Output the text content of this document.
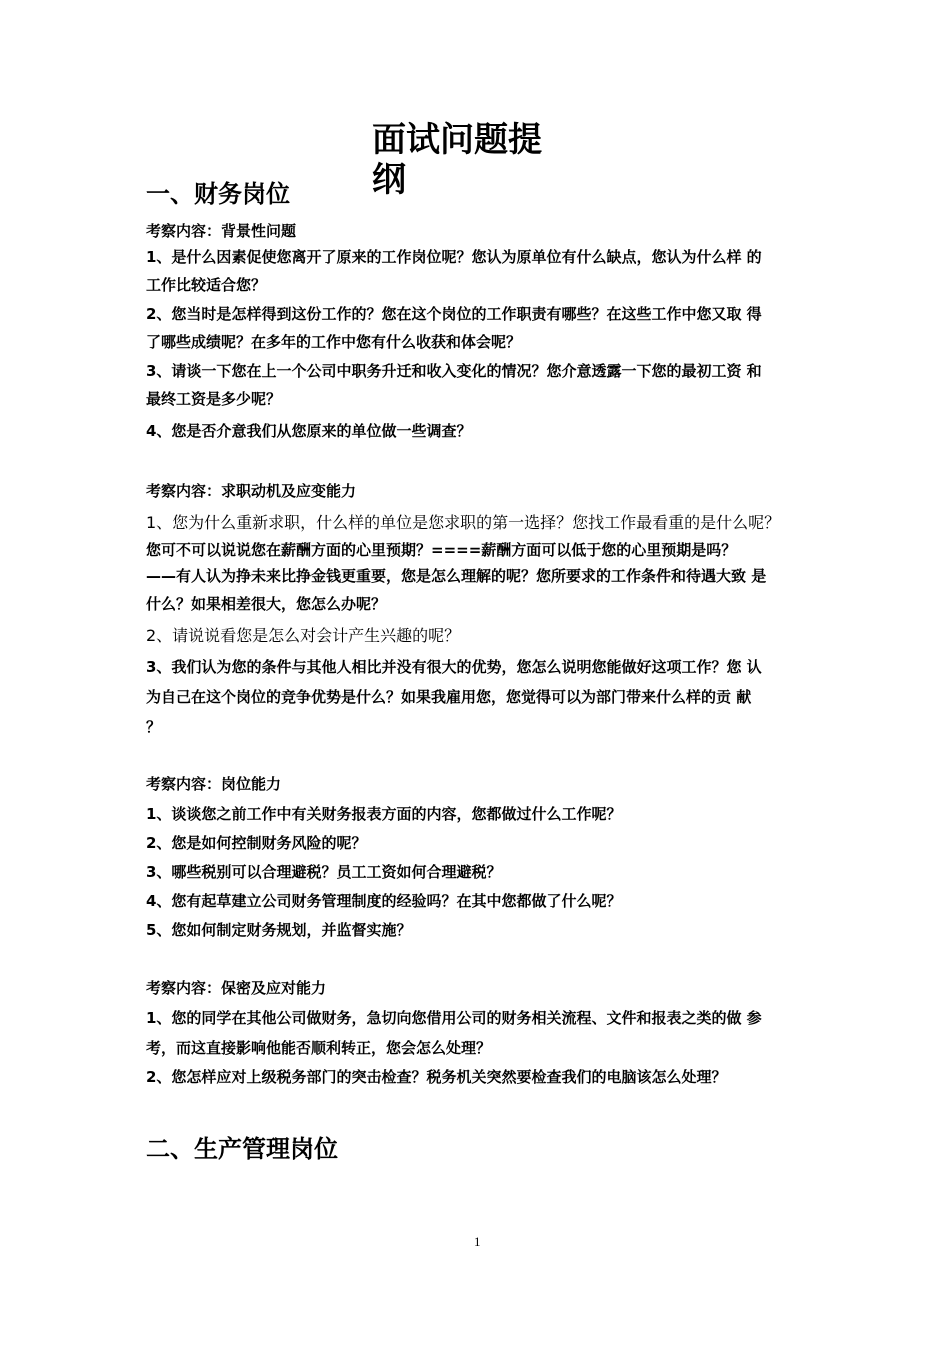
面试问题提
纲
一、财务岗位
考察内容：背景性问题
1、是什么因素促使您离开了原来的工作岗位呢？您认为原单位有什么缺点，您认为什么样 的
工作比较适合您？
2、您当时是怎样得到这份工作的？您在这个岗位的工作职责有哪些？在这些工作中您又取 得
了哪些成绩呢？在多年的工作中您有什么收获和体会呢？
3、请谈一下您在上一个公司中职务升迁和收入变化的情况？您介意透露一下您的最初工资 和
最终工资是多少呢？
4、您是否介意我们从您原来的单位做一些调查？
考察内容：求职动机及应变能力
1、您为什么重新求职，什么样的单位是您求职的第一选择？您找工作最看重的是什么呢？
您可不可以说说您在薪酬方面的心里预期？====薪酬方面可以低于您的心里预期是吗？
——有人认为挣未来比挣金钱更重要，您是怎么理解的呢？您所要求的工作条件和待遇大致 是
什么？如果相差很大，您怎么办呢？
2、请说说看您是怎么对会计产生兴趣的呢？
3、我们认为您的条件与其他人相比并没有很大的优势，您怎么说明您能做好这项工作？您 认
为自己在这个岗位的竞争优势是什么？如果我雇用您，您觉得可以为部门带来什么样的贡 献
？
考察内容：岗位能力
1、谈谈您之前工作中有关财务报表方面的内容，您都做过什么工作呢？
2、您是如何控制财务风险的呢？
3、哪些税别可以合理避税？员工工资如何合理避税？
4、您有起草建立公司财务管理制度的经验吗？在其中您都做了什么呢？
5、您如何制定财务规划，并监督实施？
考察内容：保密及应对能力
1、您的同学在其他公司做财务，急切向您借用公司的财务相关流程、文件和报表之类的做 参
考，而这直接影响他能否顺利转正，您会怎么处理？
2、您怎样应对上级税务部门的突击检查？税务机关突然要检查我们的电脑该怎么处理？
二、生产管理岗位
1
